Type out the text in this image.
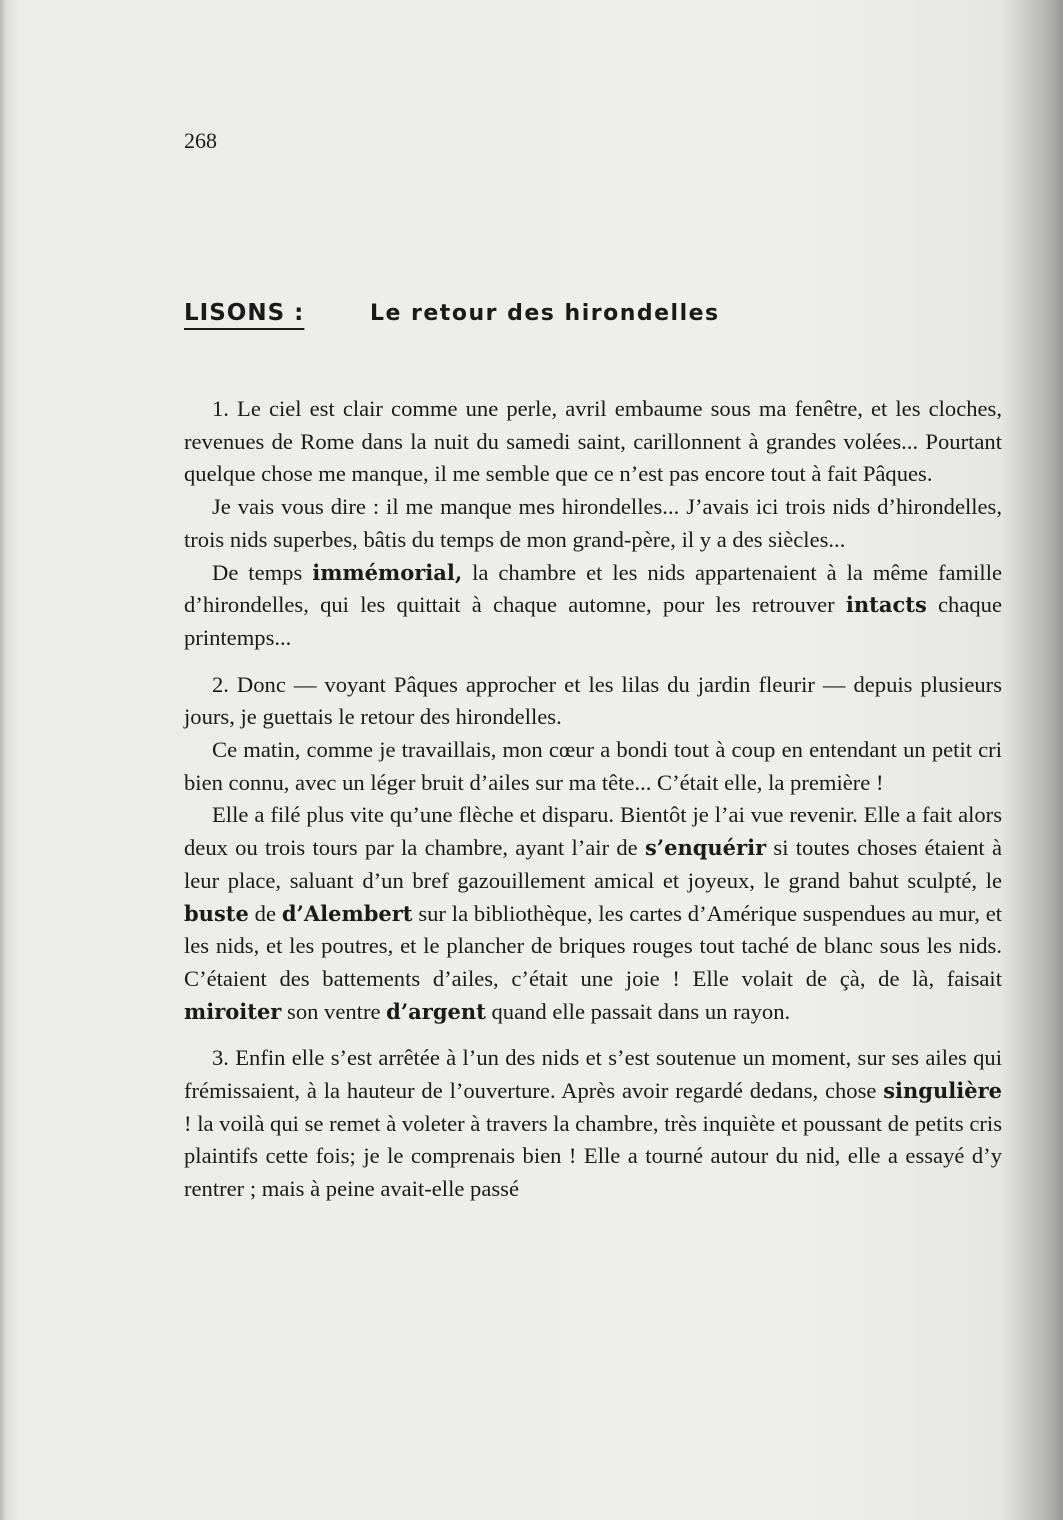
268
LISONS :	Le retour des hirondelles

1. Le ciel est clair comme une perle, avril embaume sous ma fenêtre, et les cloches, revenues de Rome dans la nuit du samedi saint, carillonnent à grandes volées... Pourtant quelque chose me manque, il me semble que ce n’est pas encore tout à fait Pâques.

Je vais vous dire : il me manque mes hirondelles... J’avais ici trois nids d’hirondelles, trois nids superbes, bâtis du temps de mon grand-père, il y a des siècles...

De temps immémorial, la chambre et les nids appartenaient à la même famille d’hirondelles, qui les quittait à chaque automne, pour les retrouver intacts chaque printemps...

2. Donc — voyant Pâques approcher et les lilas du jardin fleurir — depuis plusieurs jours, je guettais le retour des hirondelles.

Ce matin, comme je travaillais, mon cœur a bondi tout à coup en entendant un petit cri bien connu, avec un léger bruit d’ailes sur ma tête... C’était elle, la première !

Elle a filé plus vite qu’une flèche et disparu. Bientôt je l’ai vue revenir. Elle a fait alors deux ou trois tours par la chambre, ayant l’air de s’enquérir si toutes choses étaient à leur place, saluant d’un bref gazouillement amical et joyeux, le grand bahut sculpté, le buste de d’Alembert sur la bibliothèque, les cartes d’Amérique suspendues au mur, et les nids, et les poutres, et le plancher de briques rouges tout taché de blanc sous les nids. C’étaient des battements d’ailes, c’était une joie ! Elle volait de çà, de là, faisait miroiter son ventre d’argent quand elle passait dans un rayon.

3. Enfin elle s’est arrêtée à l’un des nids et s’est soutenue un moment, sur ses ailes qui frémissaient, à la hauteur de l’ouverture. Après avoir regardé dedans, chose singulière ! la voilà qui se remet à voleter à travers la chambre, très inquiète et poussant de petits cris plaintifs cette fois; je le comprenais bien ! Elle a tourné autour du nid, elle a essayé d’y rentrer ; mais à peine avait-elle passé
